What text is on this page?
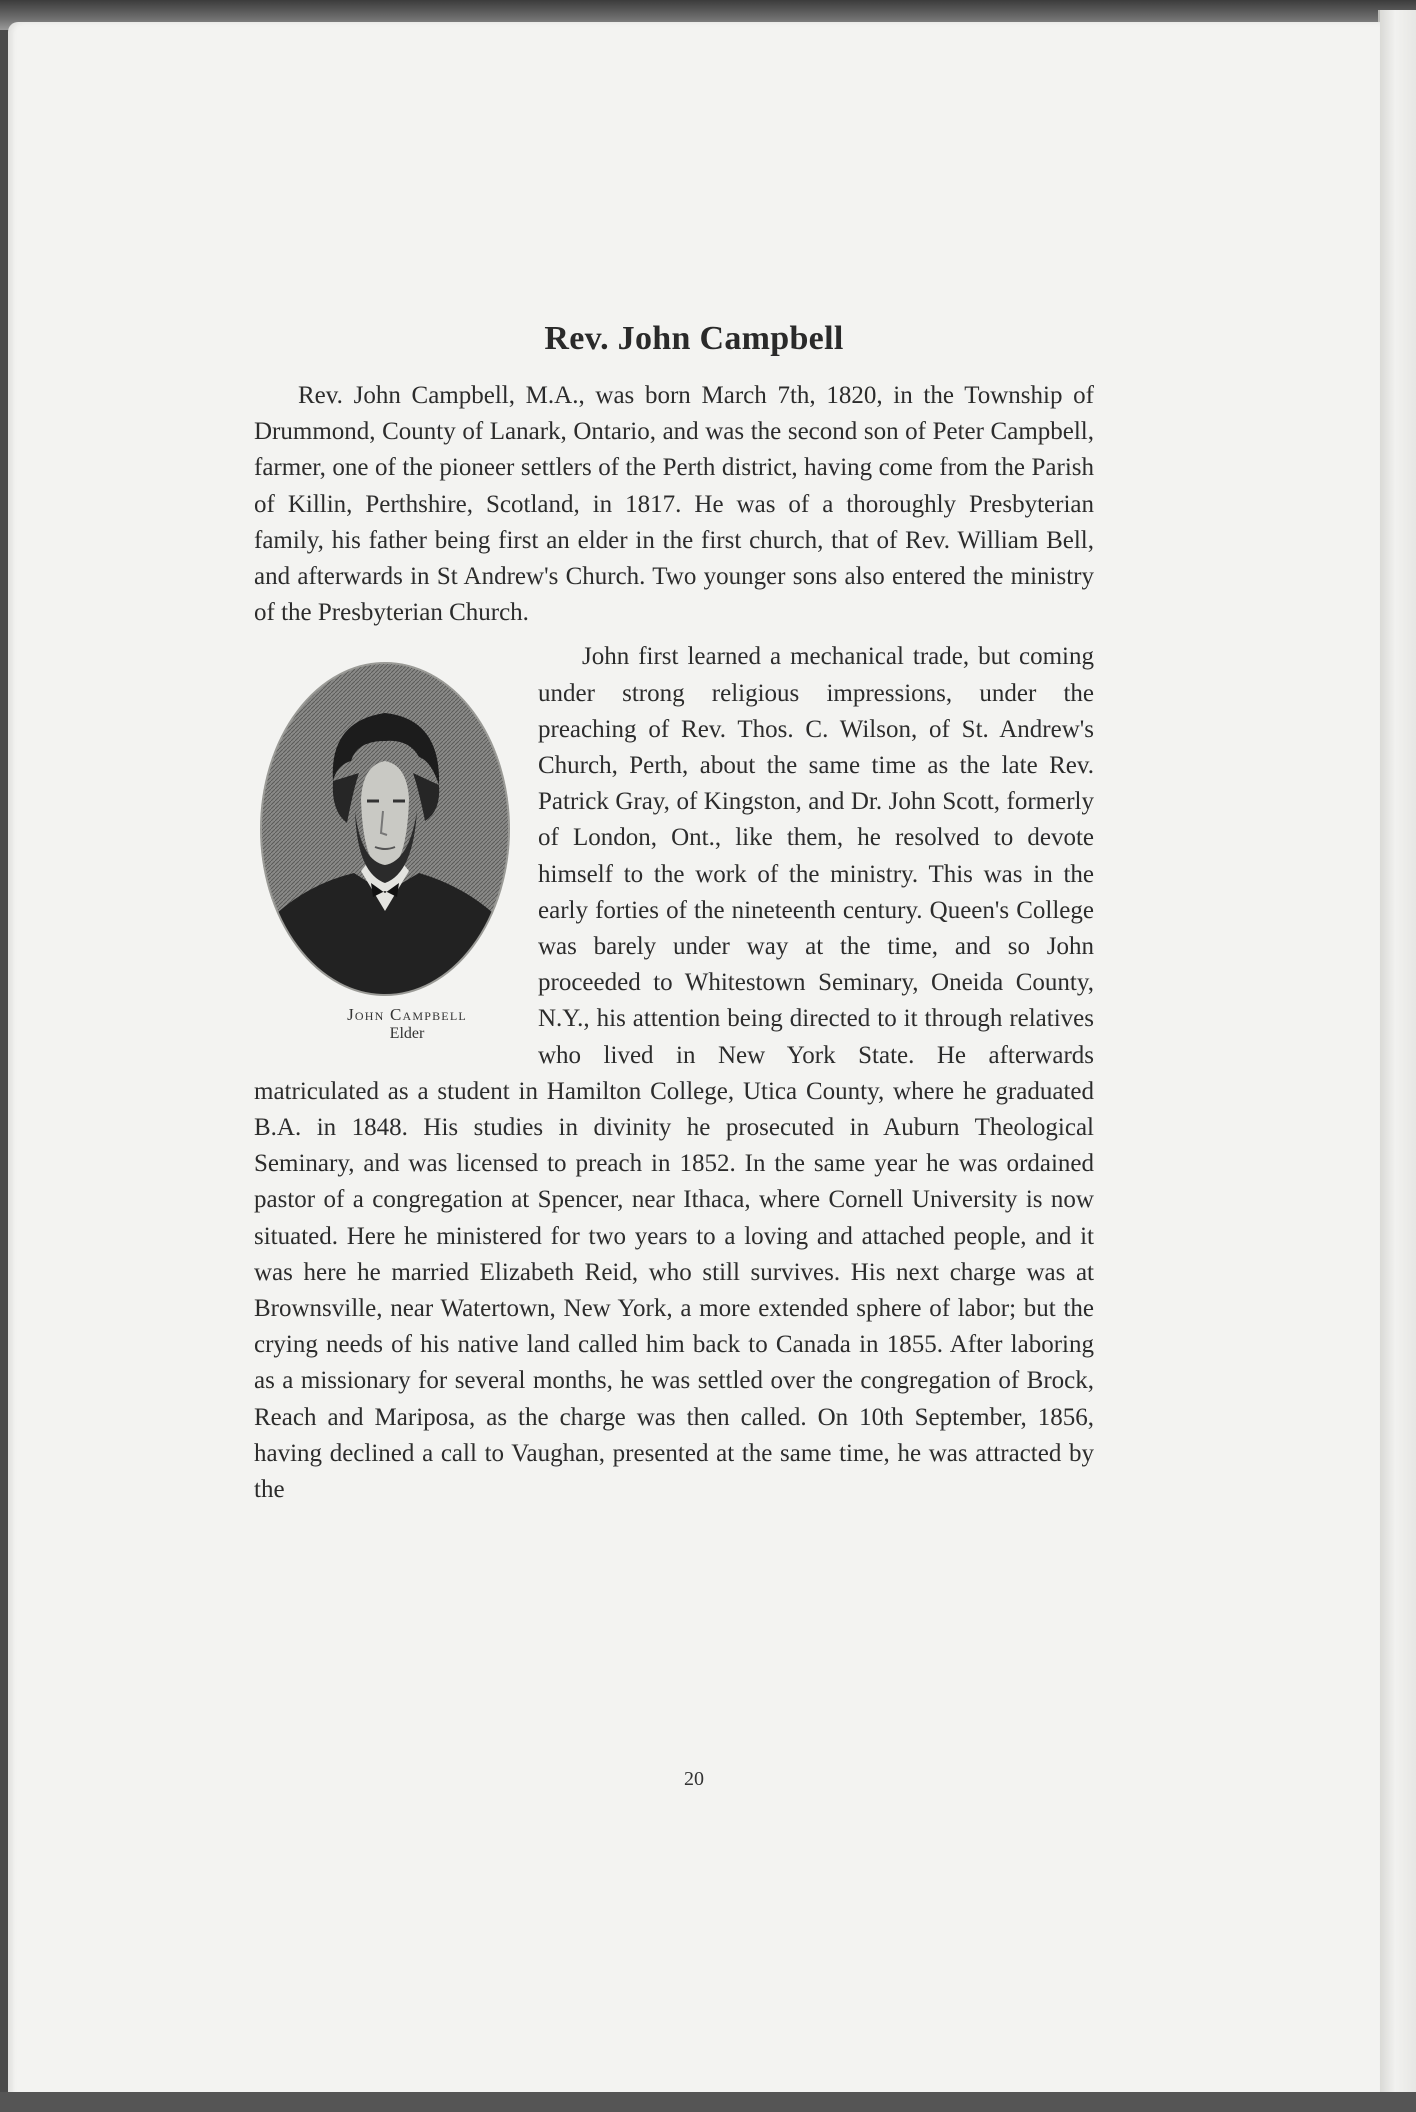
Rev. John Campbell

Rev. John Campbell, M.A., was born March 7th, 1820, in the Township of Drummond, County of Lanark, Ontario, and was the second son of Peter Campbell, farmer, one of the pioneer settlers of the Perth district, having come from the Parish of Killin, Perthshire, Scotland, in 1817. He was of a thoroughly Presbyterian family, his father being first an elder in the first church, that of Rev. William Bell, and afterwards in St Andrew's Church. Two younger sons also entered the ministry of the Presbyterian Church.

John Campbell
Elder
John first learned a mechanical trade, but coming under strong religious impressions, under the preaching of Rev. Thos. C. Wilson, of St. Andrew's Church, Perth, about the same time as the late Rev. Patrick Gray, of Kingston, and Dr. John Scott, formerly of London, Ont., like them, he resolved to devote himself to the work of the ministry. This was in the early forties of the nineteenth century. Queen's College was barely under way at the time, and so John proceeded to Whitestown Seminary, Oneida County, N.Y., his attention being directed to it through relatives who lived in New York State. He afterwards matriculated as a student in Hamilton College, Utica County, where he graduated B.A. in 1848. His studies in divinity he prosecuted in Auburn Theological Seminary, and was licensed to preach in 1852. In the same year he was ordained pastor of a congregation at Spencer, near Ithaca, where Cornell University is now situated. Here he ministered for two years to a loving and attached people, and it was here he married Elizabeth Reid, who still survives. His next charge was at Brownsville, near Watertown, New York, a more extended sphere of labor; but the crying needs of his native land called him back to Canada in 1855. After laboring as a missionary for several months, he was settled over the congregation of Brock, Reach and Mariposa, as the charge was then called. On 10th September, 1856, having declined a call to Vaughan, presented at the same time, he was attracted by the

20
